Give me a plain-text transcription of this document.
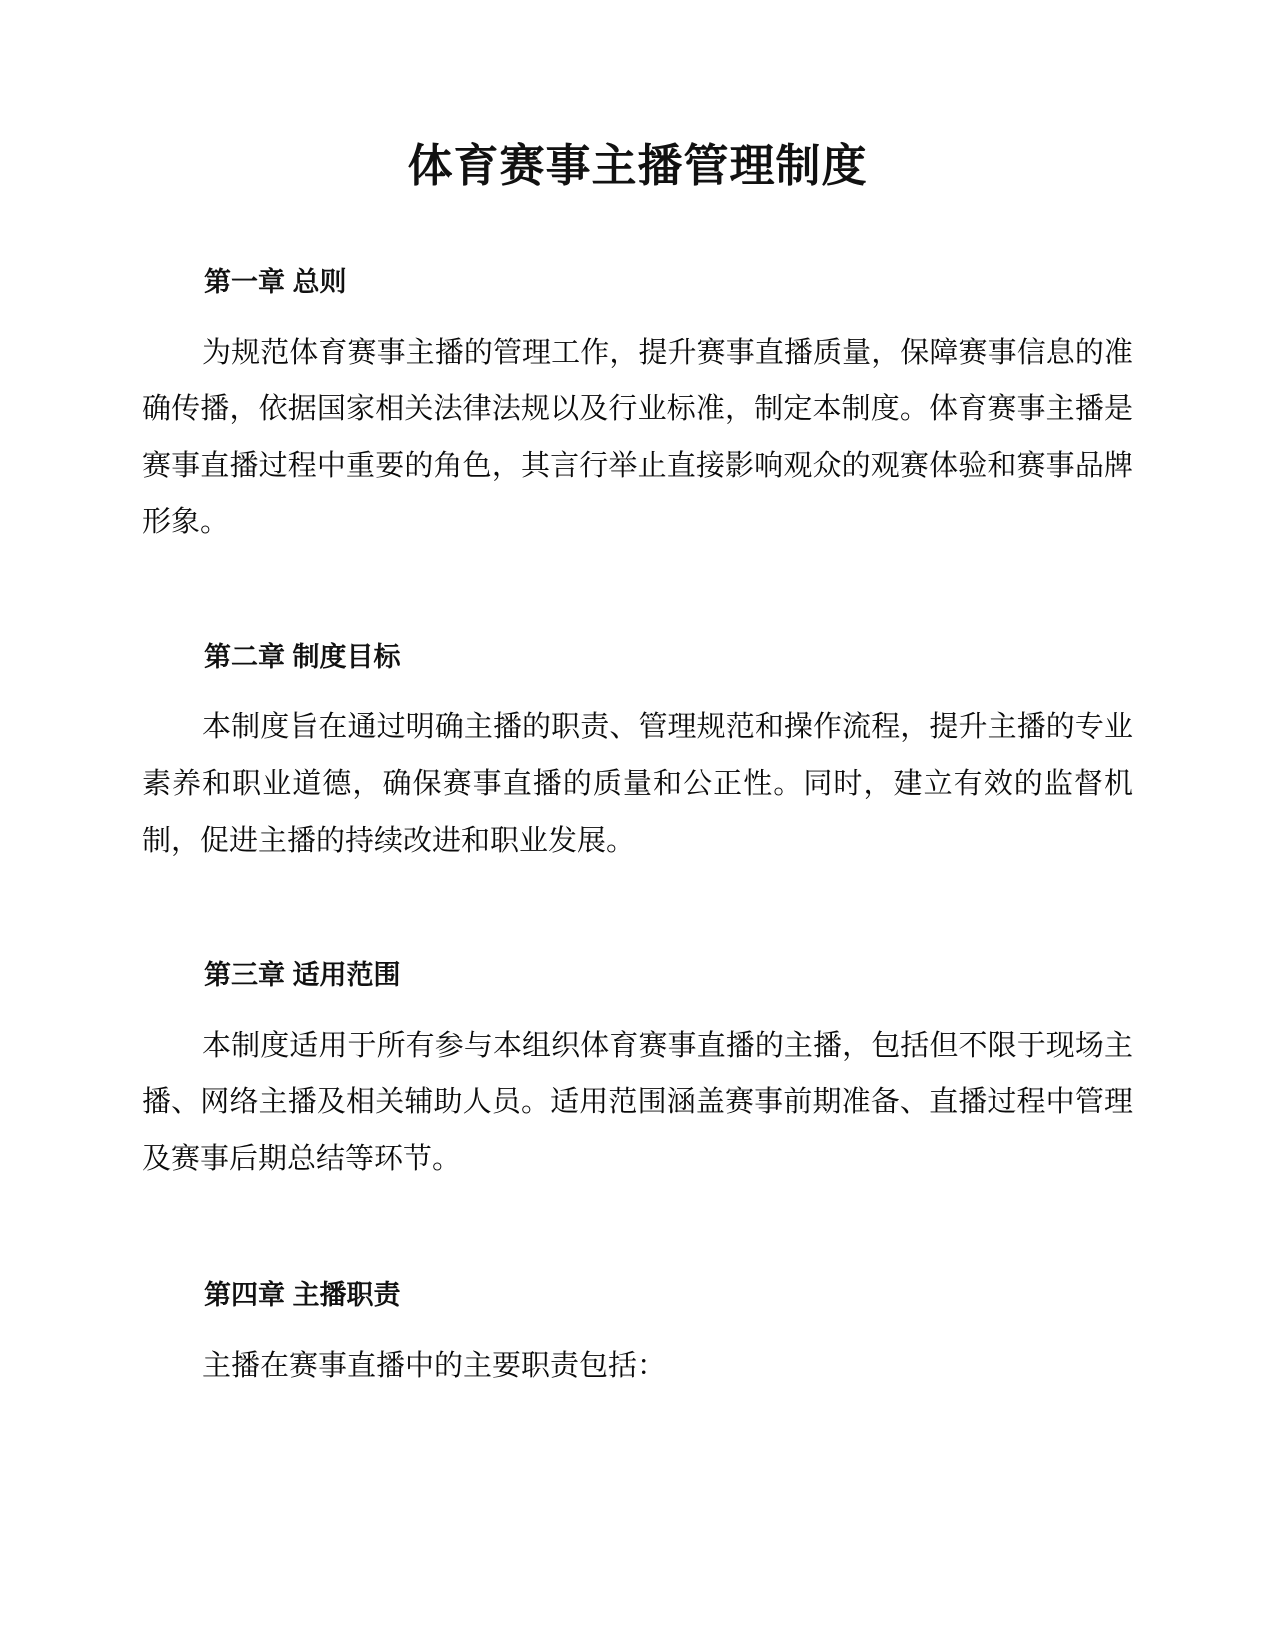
体育赛事主播管理制度
第一章 总则

为规范体育赛事主播的管理工作，提升赛事直播质量，保障赛事信息的准确传播，依据国家相关法律法规以及行业标准，制定本制度。体育赛事主播是赛事直播过程中重要的角色，其言行举止直接影响观众的观赛体验和赛事品牌形象。

第二章 制度目标

本制度旨在通过明确主播的职责、管理规范和操作流程，提升主播的专业素养和职业道德，确保赛事直播的质量和公正性。同时，建立有效的监督机制，促进主播的持续改进和职业发展。

第三章 适用范围

本制度适用于所有参与本组织体育赛事直播的主播，包括但不限于现场主播、网络主播及相关辅助人员。适用范围涵盖赛事前期准备、直播过程中管理及赛事后期总结等环节。

第四章 主播职责

主播在赛事直播中的主要职责包括：
